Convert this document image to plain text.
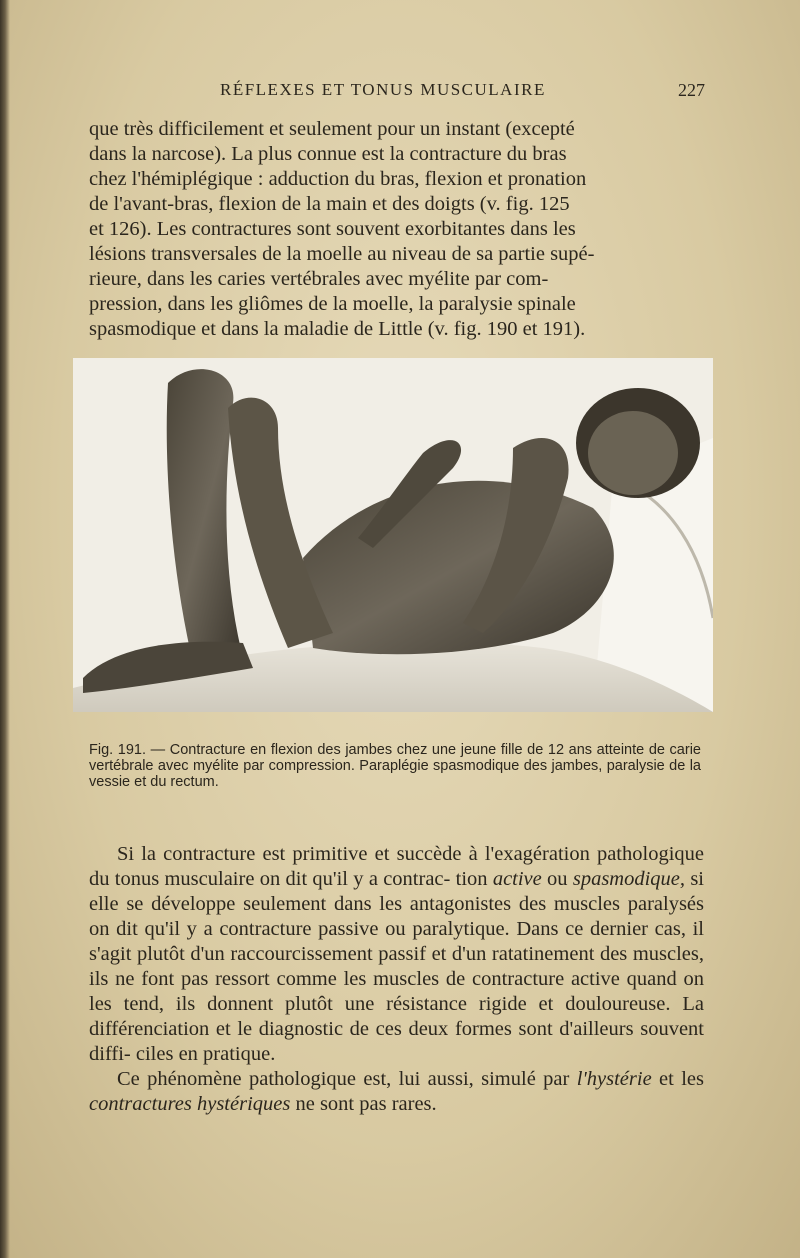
RÉFLEXES ET TONUS MUSCULAIRE	227
que très difficilement et seulement pour un instant (excepté
dans la narcose). La plus connue est la contracture du bras
chez l'hémiplégique : adduction du bras, flexion et pronation
de l'avant-bras, flexion de la main et des doigts (v. fig. 125
et 126). Les contractures sont souvent exorbitantes dans les
lésions transversales de la moelle au niveau de sa partie supé-
rieure, dans les caries vertébrales avec myélite par com-
pression, dans les gliômes de la moelle, la paralysie spinale
spasmodique et dans la maladie de Little (v. fig. 190 et 191).

Fig. 191. — Contracture en flexion des jambes chez une jeune fille de 12 ans atteinte de carie vertébrale avec myélite par compression. Paraplégie spasmodique des jambes, paralysie de la vessie et du rectum.

Si la contracture est primitive et succède à l'exagération pathologique du tonus musculaire on dit qu'il y a contrac- tion active ou spasmodique, si elle se développe seulement dans les antagonistes des muscles paralysés on dit qu'il y a contracture passive ou paralytique. Dans ce dernier cas, il s'agit plutôt d'un raccourcissement passif et d'un ratatinement des muscles, ils ne font pas ressort comme les muscles de contracture active quand on les tend, ils donnent plutôt une résistance rigide et douloureuse. La différenciation et le diagnostic de ces deux formes sont d'ailleurs souvent diffi- ciles en pratique.

Ce phénomène pathologique est, lui aussi, simulé par l'hystérie et les contractures hystériques ne sont pas rares.
